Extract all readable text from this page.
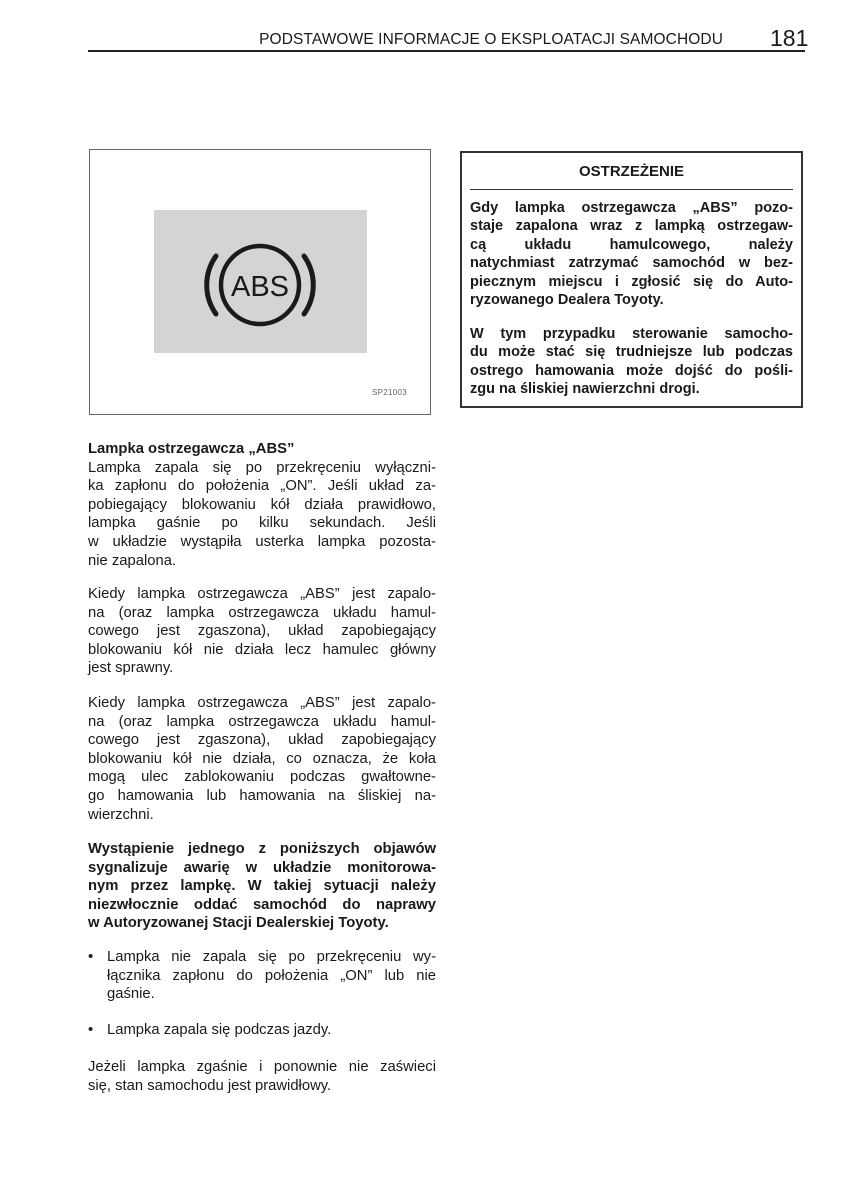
PODSTAWOWE INFORMACJE O EKSPLOATACJI SAMOCHODU 181
ABS
SP21003
OSTRZEŻENIE
Gdy lampka ostrzegawcza „ABS” pozo-
staje zapalona wraz z lampką ostrzegaw-
cą układu hamulcowego, należy
natychmiast zatrzymać samochód w bez-
piecznym miejscu i zgłosić się do Auto-
ryzowanego Dealera Toyoty.
W tym przypadku sterowanie samocho-
du może stać się trudniejsze lub podczas
ostrego hamowania może dojść do pośli-
zgu na śliskiej nawierzchni drogi.
Lampka ostrzegawcza „ABS”
Lampka zapala się po przekręceniu wyłączni-
ka zapłonu do położenia „ON”. Jeśli układ za-
pobiegający blokowaniu kół działa prawidłowo,
lampka gaśnie po kilku sekundach. Jeśli
w układzie wystąpiła usterka lampka pozosta-
nie zapalona.
Kiedy lampka ostrzegawcza „ABS” jest zapalo-
na (oraz lampka ostrzegawcza układu hamul-
cowego jest zgaszona), układ zapobiegający
blokowaniu kół nie działa lecz hamulec główny
jest sprawny.
Kiedy lampka ostrzegawcza „ABS” jest zapalo-
na (oraz lampka ostrzegawcza układu hamul-
cowego jest zgaszona), układ zapobiegający
blokowaniu kół nie działa, co oznacza, że koła
mogą ulec zablokowaniu podczas gwałtowne-
go hamowania lub hamowania na śliskiej na-
wierzchni.
Wystąpienie jednego z poniższych objawów
sygnalizuje awarię w układzie monitorowa-
nym przez lampkę. W takiej sytuacji należy
niezwłocznie oddać samochód do naprawy
w Autoryzowanej Stacji Dealerskiej Toyoty.
• Lampka nie zapala się po przekręceniu wy-
łącznika zapłonu do położenia „ON” lub nie
gaśnie.
• Lampka zapala się podczas jazdy.
Jeżeli lampka zgaśnie i ponownie nie zaświeci
się, stan samochodu jest prawidłowy.
